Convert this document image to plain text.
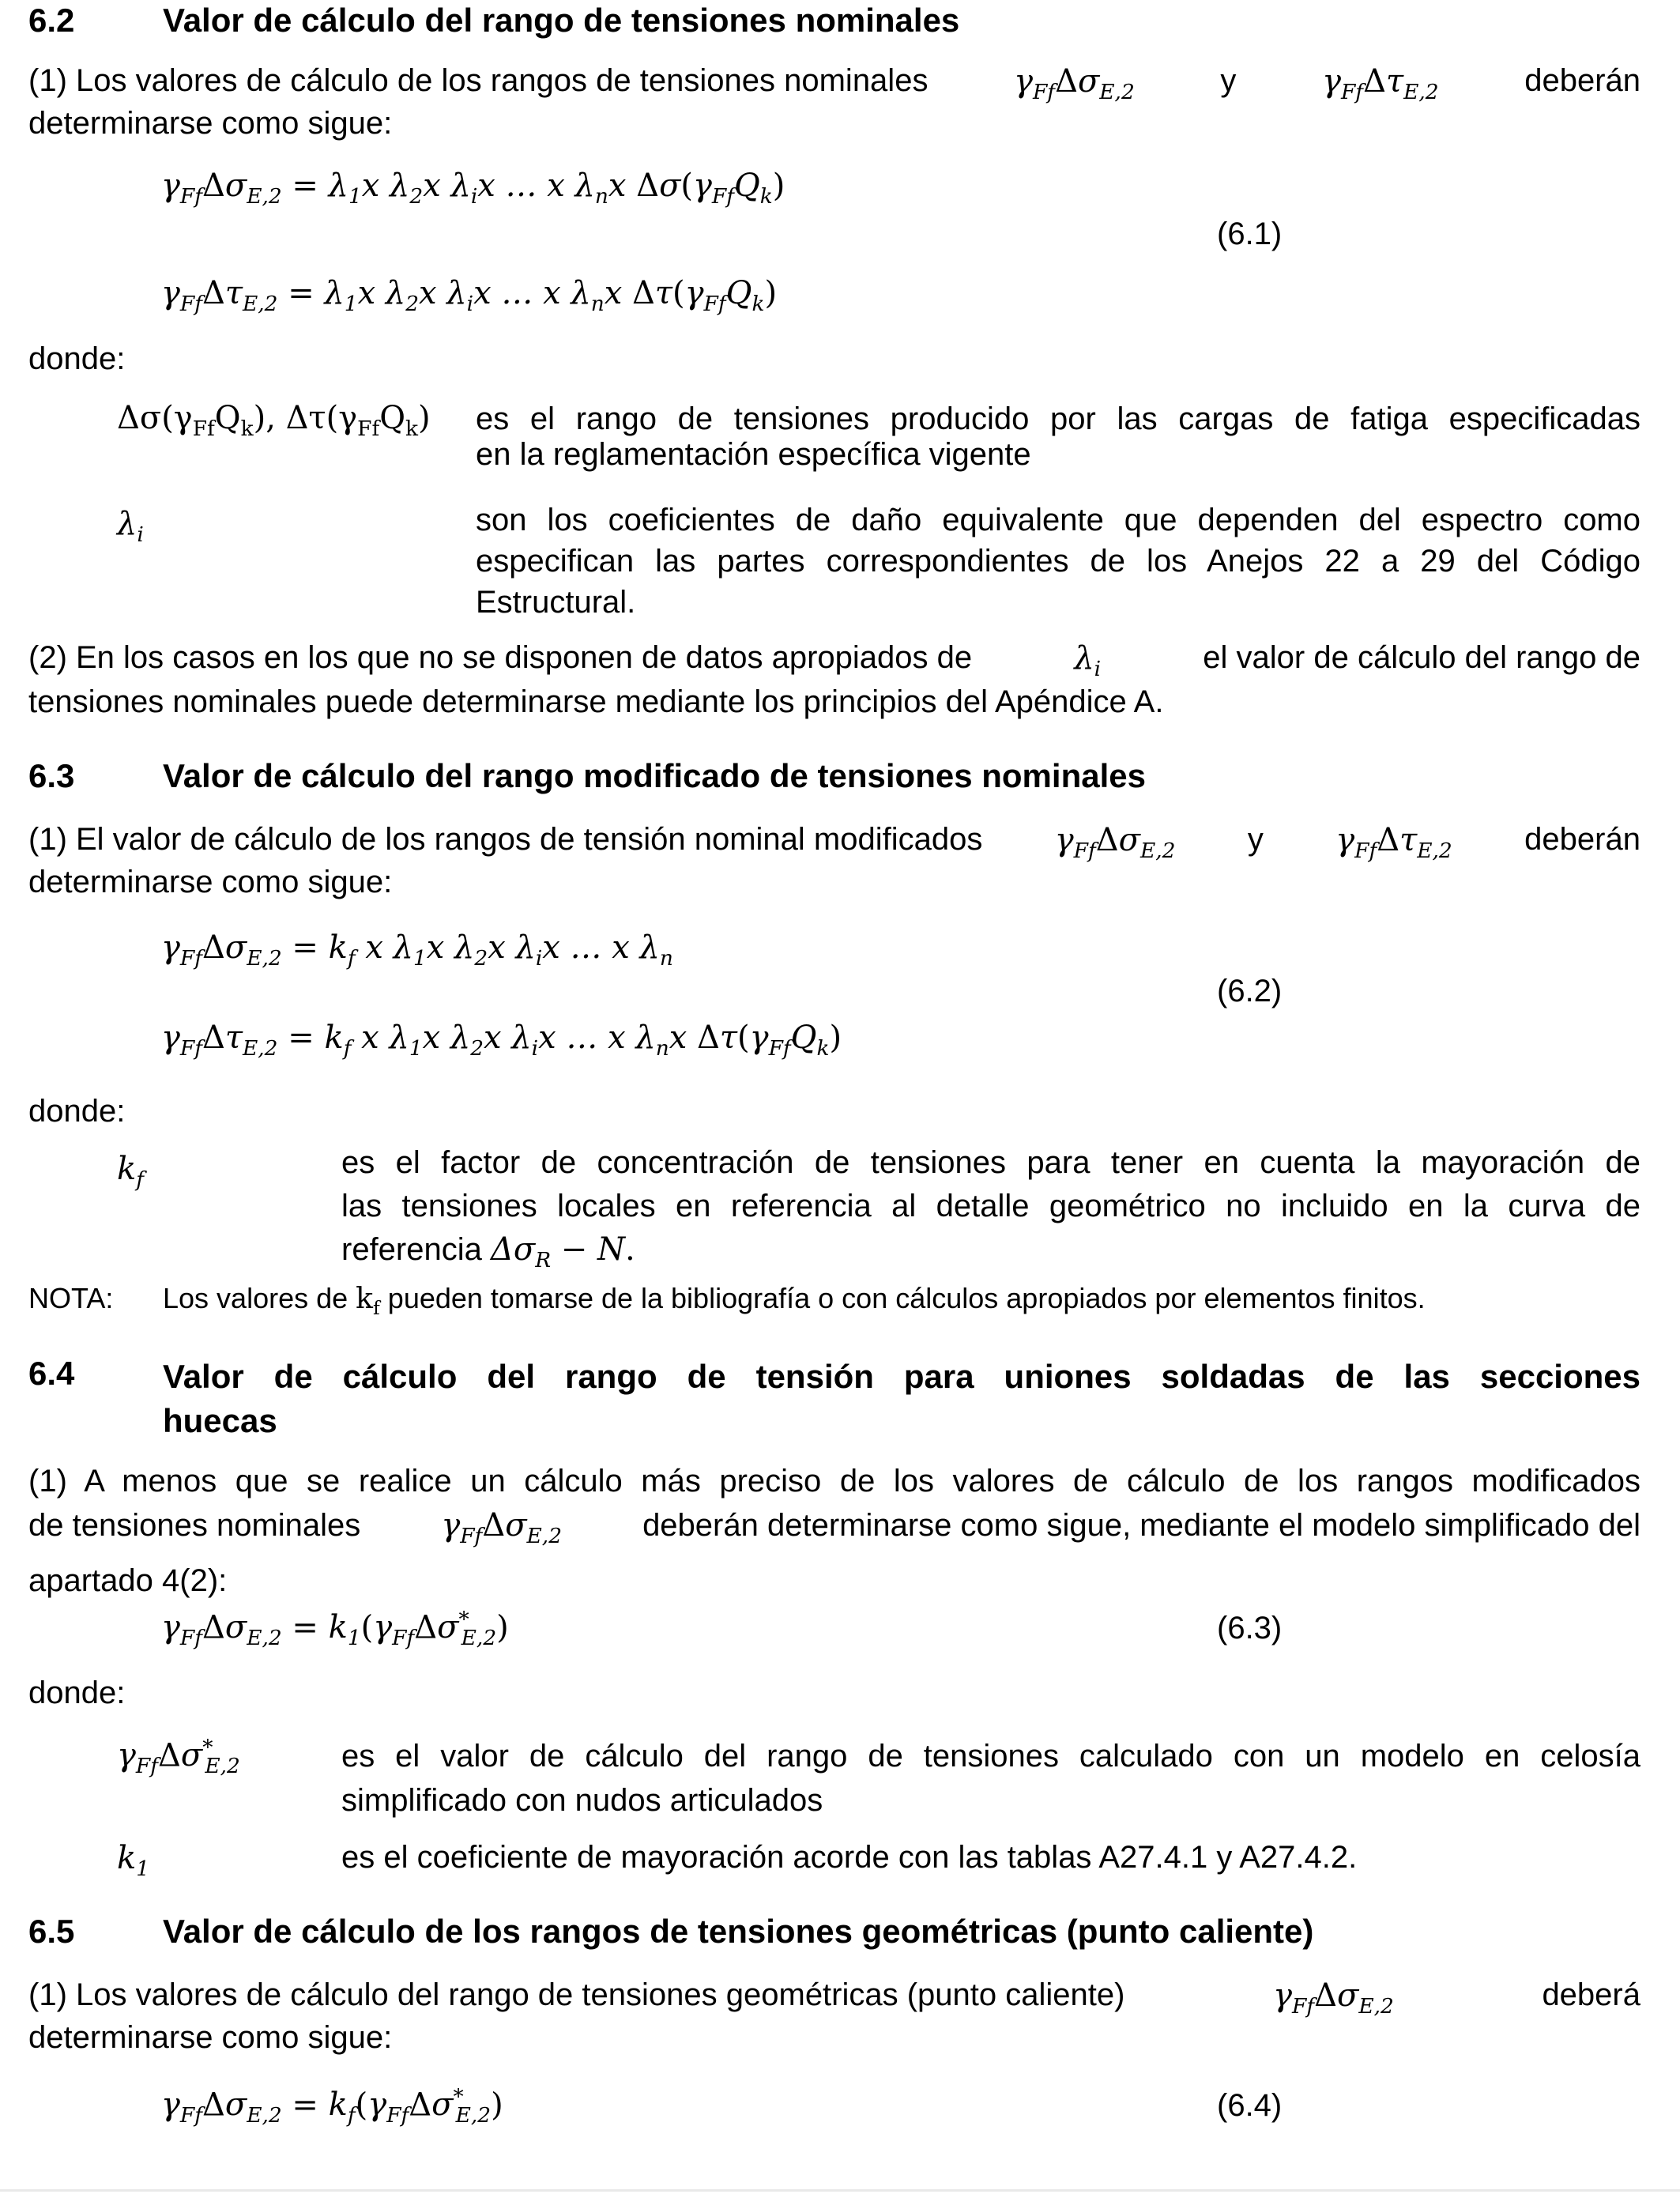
6.2	Valor de cálculo del rango de tensiones nominales
(1) Los valores de cálculo de los rangos de tensiones nominales	$\gamma_{Ff}\Delta\sigma_{E,2}$	y	$\gamma_{Ff}\Delta\tau_{E,2}$	deberán
determinarse como sigue:
$\gamma_{Ff}\Delta\sigma_{E,2} = \lambda_1x$ $\lambda_2x$ $\lambda_ix$ … x $\lambda_nx$ $\Delta\sigma(\gamma_{Ff}Q_k)$
(6.1)
$\gamma_{Ff}\Delta\tau_{E,2} = \lambda_1x$ $\lambda_2x$ $\lambda_ix$ … x $\lambda_nx$ $\Delta\tau(\gamma_{Ff}Q_k)$
donde:
$\Delta\sigma(\gamma_{Ff}Q_k)$, $\Delta\tau(\gamma_{Ff}Q_k)$ es el rango de tensiones producido por las cargas de fatiga especificadas
en la reglamentación específica vigente
$\lambda_i$	son los coeficientes de daño equivalente que dependen del espectro como
especifican las partes correspondientes de los Anejos 22 a 29 del Código
Estructural.
(2) En los casos en los que no se disponen de datos apropiados de	$\lambda_i$	el valor de cálculo del rango de
tensiones nominales puede determinarse mediante los principios del Apéndice A.
6.3	Valor de cálculo del rango modificado de tensiones nominales
(1) El valor de cálculo de los rangos de tensión nominal modificados $\gamma_{Ff}\Delta\sigma_{E,2}$ y $\gamma_{Ff}\Delta\tau_{E,2}$ deberán
determinarse como sigue:
$\gamma_{Ff}\Delta\sigma_{E,2} = k_f$ x $\lambda_1x$ $\lambda_2x$ $\lambda_ix$ … x $\lambda_n$
(6.2)
$\gamma_{Ff}\Delta\tau_{E,2} = k_f$ x $\lambda_1x$ $\lambda_2x$ $\lambda_ix$ … x $\lambda_nx$ $\Delta\tau(\gamma_{Ff}Q_k)$
donde:
$k_f$	es el factor de concentración de tensiones para tener en cuenta la mayoración de
las tensiones locales en referencia al detalle geométrico no incluido en la curva de
referencia $\Delta\sigma_R - N$.
NOTA: Los valores de $k_f$ pueden tomarse de la bibliografía o con cálculos apropiados por elementos finitos.
6.4	Valor de cálculo del rango de tensión para uniones soldadas de las secciones
huecas
(1) A menos que se realice un cálculo más preciso de los valores de cálculo de los rangos modificados
de tensiones nominales	$\gamma_{Ff}\Delta\sigma_{E,2}$	deberán determinarse como sigue, mediante el modelo simplificado del
apartado 4(2):
$\gamma_{Ff}\Delta\sigma_{E,2} = k_1(\gamma_{Ff}\Delta\sigma^*_{E,2})$	(6.3)
donde:
$\gamma_{Ff}\Delta\sigma^*_{E,2}$	es el valor de cálculo del rango de tensiones calculado con un modelo en celosía
simplificado con nudos articulados
$k_1$	es el coeficiente de mayoración acorde con las tablas A27.4.1 y A27.4.2.
6.5	Valor de cálculo de los rangos de tensiones geométricas (punto caliente)
(1) Los valores de cálculo del rango de tensiones geométricas (punto caliente)	$\gamma_{Ff}\Delta\sigma_{E,2}$	deberá
determinarse como sigue:
$\gamma_{Ff}\Delta\sigma_{E,2} = k_f(\gamma_{Ff}\Delta\sigma^*_{E,2})$	(6.4)
